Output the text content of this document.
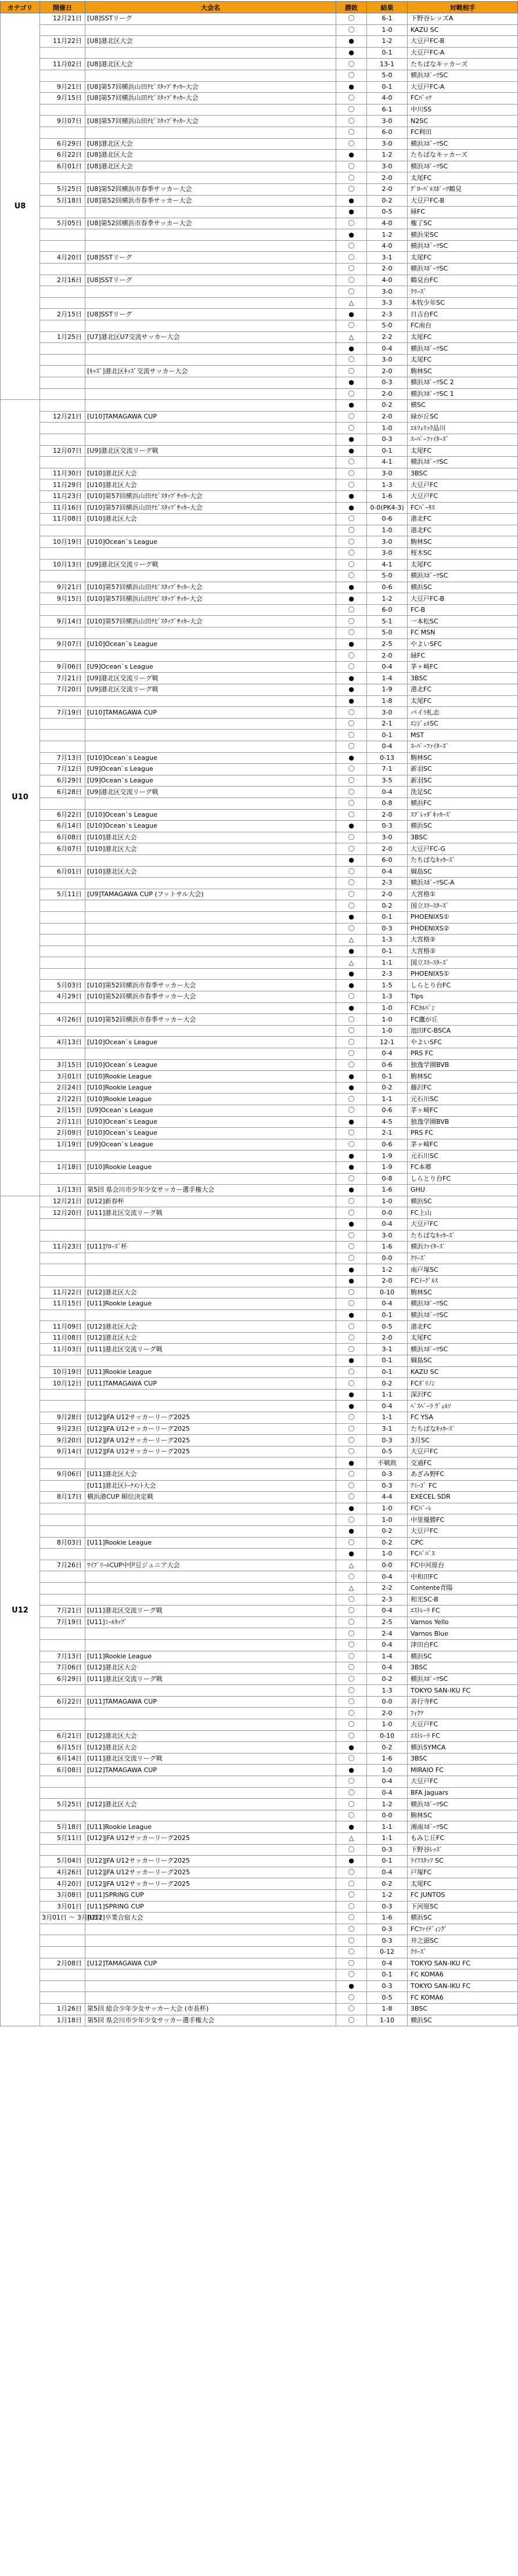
カテゴリ	開催日	大会名	勝敗	結果	対戦相手
U8	12月21日	[U8]SSTリーグ	〇	6-1	下野谷レッズA
			〇	1-0	KAZU SC
	11月22日	[U8]港北区大会	●	1-2	大豆戸FC-B
			●	0-1	大豆戸FC-A
	11月02日	[U8]港北区大会	〇	13-1	たちばなキッカーズ
			〇	5-0	横浜ｽﾎﾟｰﾂSC
	9月21日	[U8]第57回横浜山田ﾅﾋﾞｽﾀｯﾌﾞｻｯｶｰ大会	●	0-1	大豆戸FC-A
	9月15日	[U8]第57回横浜山田ﾅﾋﾞｽﾀｯﾌﾞｻｯｶｰ大会	〇	4-0	FCﾊﾞｯﾂ
			〇	6-1	中川SS
	9月07日	[U8]第57回横浜山田ﾅﾋﾞｽﾀｯﾌﾞｻｯｶｰ大会	〇	3-0	N2SC
			〇	6-0	FC利田
	6月29日	[U8]港北区大会	〇	3-0	横浜ｽﾎﾟｰﾂSC
	6月22日	[U8]港北区大会	●	1-2	たちばなキッカーズ
	6月01日	[U8]港北区大会	〇	3-0	横浜ｽﾎﾟｰﾂSC
			〇	2-0	太尾FC
	5月25日	[U8]第52回横浜市春季サッカー大会	〇	2-0	ｸﾞﾛｰﾊﾞﾙｽﾎﾟｰﾂ鶴見
	5月18日	[U8]第52回横浜市春季サッカー大会	●	0-2	大豆戸FC-B
			●	0-5	緑FC
	5月05日	[U8]第52回横浜市春季サッカー大会	〇	4-0	権了SC
			●	1-2	横浜栄SC
			〇	4-0	横浜ｽﾎﾟｰﾂSC
	4月20日	[U8]SSTリーグ	〇	3-1	太尾FC
			〇	2-0	横浜ｽﾎﾟｰﾂSC
	2月16日	[U8]SSTリーグ	〇	4-0	鶴見台FC
			〇	3-0	ｸﾘｰｽﾞ
			△	3-3	本牧少年SC
	2月15日	[U8]SSTリーグ	●	2-3	日吉台FC
			〇	5-0	FC南台
	1月25日	[U7]港北区U7交流サッカー大会	△	2-2	太尾FC
			●	0-4	横浜ｽﾎﾟｰﾂSC
			〇	3-0	太尾FC
		[ｷｯｽﾞ]港北区ｷｯｽﾞ交流サッカー大会	〇	2-0	駒林SC
			●	0-3	横浜ｽﾎﾟｰﾂSC 2
			〇	2-0	横浜ｽﾎﾟｰﾂSC 1
U10			●	0-2	横SC
	12月21日	[U10]TAMAGAWA CUP	〇	2-0	緑が丘SC
			〇	1-0	ｴﾙﾌｪﾘｯｸ品川
			●	0-3	ｽｰﾊﾟｰﾌｧｲﾀｰｽﾞ
	12月07日	[U9]港北区交流リーグ戦	●	0-1	太尾FC
			〇	4-1	横浜ｽﾎﾟｰﾂSC
	11月30日	[U10]港北区大会	〇	3-0	3BSC
	11月29日	[U10]港北区大会	〇	1-3	大豆戸FC
	11月23日	[U10]第57回横浜山田ﾅﾋﾞｽﾀｯﾌﾞｻｯｶｰ大会	●	1-6	大豆戸FC
	11月16日	[U10]第57回横浜山田ﾅﾋﾞｽﾀｯﾌﾞｻｯｶｰ大会	●	0-0(PK4-3)	FCﾊﾞｰﾀｽ
	11月08日	[U10]港北区大会	〇	0-6	港北FC
			〇	1-0	港北FC
	10月19日	[U10]Ocean`s League	〇	3-0	駒林SC
			〇	3-0	桜木SC
	10月13日	[U9]港北区交流リーグ戦	〇	4-1	太尾FC
			〇	5-0	横浜ｽﾎﾟｰﾂSC
	9月21日	[U10]第57回横浜山田ﾅﾋﾞｽﾀｯﾌﾞｻｯｶｰ大会	●	0-6	横浜SC
	9月15日	[U10]第57回横浜山田ﾅﾋﾞｽﾀｯﾌﾞｻｯｶｰ大会	●	1-2	大豆戸FC-B
			〇	6-0	FC-B
	9月14日	[U10]第57回横浜山田ﾅﾋﾞｽﾀｯﾌﾞｻｯｶｰ大会	〇	5-1	一本松SC
			〇	5-0	FC MSN
	9月07日	[U10]Ocean`s League	●	2-5	やよいSFC
			〇	2-0	緑FC
	9月06日	[U9]Ocean`s League	〇	0-4	茅ヶ崎FC
	7月21日	[U9]港北区交流リーグ戦	●	1-4	3BSC
	7月20日	[U9]港北区交流リーグ戦	●	1-9	港北FC
			●	1-8	太尾FC
	7月19日	[U10]TAMAGAWA CUP	〇	3-0	パイﾗ札志
			〇	2-1	ｴﾝｼﾞｪﾙSC
			〇	0-1	MST
			〇	0-4	ｽｰﾊﾟｰﾌｧｲﾀｰｽﾞ
	7月13日	[U10]Ocean`s League	●	0-13	駒林SC
	7月12日	[U9]Ocean`s League	〇	7-1	新羽SC
	6月29日	[U9]Ocean`s League	〇	3-5	新羽SC
	6月28日	[U9]港北区交流リーグ戦	〇	0-4	洗足SC
			〇	0-8	横浜FC
	6月22日	[U10]Ocean`s League	〇	2-0	ｽﾌﾟﾚｯﾀﾞｷｯｶｰｽﾞ
	6月14日	[U10]Ocean`s League	●	0-3	横浜SC
	6月08日	[U10]港北区大会	〇	3-0	3BSC
	6月07日	[U10]港北区大会	〇	2-0	大豆戸FC-G
			●	6-0	たちばなｷｯｶｰｽﾞ
	6月01日	[U10]港北区大会	〇	0-4	綱島SC
			〇	2-3	横浜ｽﾎﾟｰﾂSC-A
	5月11日	[U9]TAMAGAWA CUP (フットサル大会)	〇	2-0	大宮格①
			〇	0-2	国立ｽﾘｰｽﾀｰｽﾞ
			●	0-1	PHOENIXS①
			〇	0-3	PHOENIXS②
			△	1-3	大宮格②
			●	0-1	大宮格②
			△	1-1	国立ｽﾘｰｽﾀｰｽﾞ
			●	2-3	PHOENIXS①
	5月03日	[U10]第52回横浜市春季サッカー大会	●	1-5	しらとり台FC
	4月29日	[U10]第52回横浜市春季サッカー大会	〇	1-3	Tips
			●	1-0	FCｶﾙﾊﾞﾝ
	4月26日	[U10]第52回横浜市春季サッカー大会	〇	1-0	FC鷹が丘
			〇	1-0	池田FC-BSCA
	4月13日	[U10]Ocean`s League	〇	12-1	やよいSFC
			〇	0-4	PRS FC
	3月15日	[U10]Ocean`s League	〇	0-6	独逸学園BVB
	3月01日	[U10]Rookie League	●	0-1	駒林SC
	2月24日	[U10]Rookie League	●	0-2	藤沢FC
	2月22日	[U10]Rookie League	〇	1-1	元石川SC
	2月15日	[U9]Ocean`s League	〇	0-6	茅ヶ崎FC
	2月11日	[U10]Ocean`s League	●	4-5	独逸学園BVB
	2月09日	[U10]Ocean`s League	〇	2-1	PRS FC
	1月19日	[U9]Ocean`s League	〇	0-6	茅ヶ崎FC
			●	1-9	元石川SC
	1月18日	[U10]Rookie League	●	1-9	FC本郷
			〇	0-8	しらとり台FC
	1月13日	第5回 県会川市少年少女サッカー選手権大会	●	1-6	GHU
U12	12月21日	[U12]新春杯	〇	1-0	横浜SC
	12月20日	[U11]港北区交流リーグ戦	〇	0-0	FC上山
			●	0-4	大豆戸FC
			〇	3-0	たちばなｷｯｶｰｽﾞ
	11月23日	[U11]ｱﾛｰｽﾞ杯	〇	1-6	横浜ﾌｧｲﾀｰｽﾞ
			〇	0-0	ｸﾘｰｽﾞ
			●	1-2	南戸塚SC
			●	2-0	FCｲｰｸﾞﾙｽ
	11月22日	[U12]港北区大会	〇	0-10	駒林SC
	11月15日	[U11]Rookie League	〇	0-4	横浜ｽﾎﾟｰﾂSC
			●	0-1	横浜ｽﾎﾟｰﾂSC
	11月09日	[U12]港北区大会	〇	0-5	港北FC
	11月08日	[U12]港北区大会	〇	2-0	太尾FC
	11月03日	[U11]港北区交流リーグ戦	〇	3-1	横浜ｽﾎﾟｰﾂSC
			●	0-1	綱島SC
	10月19日	[U11]Rookie League	〇	0-1	KAZU SC
	10月12日	[U11]TAMAGAWA CUP	〇	0-2	FCﾀﾞﾘﾉﾝ
			●	1-1	深沢FC
			●	0-4	ﾍﾞｽﾍﾟｰﾗ ｳﾞｪﾙｿ
	9月28日	[U12]JFA U12サッカーリーグ2025	〇	1-1	FC YSA
	9月23日	[U12]JFA U12サッカーリーグ2025	〇	3-1	たちばなｷｯｶｰｽﾞ
	9月20日	[U12]JFA U12サッカーリーグ2025	〇	0-3	3月SC
	9月14日	[U12]JFA U12サッカーリーグ2025	〇	0-5	大豆戸FC
			●	不戦敗	交通FC
	9月06日	[U11]港北区大会	〇	0-3	あざみ野FC
		[U11]港北区ﾄｰﾅﾒﾝﾄ大会	〇	0-3	ｱﾐｰｺﾞ FC
	8月17日	横浜港CUP 順位決定戦	〇	4-4	EXECEL SDR
			●	1-0	FCﾊﾞｰﾚ
			〇	1-0	中里優勝FC
			●	0-2	大豆戸FC
	8月03日	[U11]Rookie League	〇	0-2	CPC
			●	1-0	FCﾊﾟﾊﾟｽ
	7月26日	ﾜｲﾌﾟﾘｰﾙCUP中伊豆ジュニア大会	△	0-0	FC中河原台
			〇	0-4	中和田FC
			△	2-2	Contente青陽
			〇	2-3	和光SC-B
	7月21日	[U11]港北区交流リーグ戦	〇	0-4	ｴｽﾄﾚｰﾗ FC
	7月19日	[U11]ﾐｰﾙｶｯﾌﾟ	〇	2-5	Varnos Yello
			〇	2-4	Varnos Blue
			〇	0-4	津田台FC
	7月13日	[U11]Rookie League	〇	1-4	横浜SC
	7月06日	[U12]港北区大会	〇	0-4	3BSC
	6月29日	[U11]港北区交流リーグ戦	〇	0-2	横浜ｽﾎﾟｰﾂSC
			〇	1-3	TOKYO SAN-IKU FC
	6月22日	[U11]TAMAGAWA CUP	〇	0-0	善行寺FC
			〇	2-0	ﾌｨｸﾂ
			〇	1-0	大豆戸FC
	6月21日	[U12]港北区大会	〇	0-10	ｴｽﾄﾚｰﾗ FC
	6月15日	[U12]港北区大会	●	0-2	横浜SYMCA
	6月14日	[U11]港北区交流リーグ戦	〇	1-6	3BSC
	6月08日	[U12]TAMAGAWA CUP	●	1-0	MIRAIO FC
			〇	0-4	大豆戸FC
			〇	0-4	BFA Jaguars
	5月25日	[U12]港北区大会	〇	1-2	横浜ｽﾎﾟｰﾂSC
			〇	0-0	駒林SC
	5月18日	[U11]Rookie League	●	1-1	湘南ｽﾎﾟｰﾂSC
	5月11日	[U12]JFA U12サッカーリーグ2025	△	1-1	もみじ丘FC
			〇	0-3	下野谷ﾚｯｽﾞ
	5月04日	[U12]JFA U12サッカーリーグ2025	●	0-1	ﾗｲﾌｽﾀｯﾌ SC
	4月26日	[U12]JFA U12サッカーリーグ2025	〇	0-4	戸塚FC
	4月20日	[U12]JFA U12サッカーリーグ2025	〇	0-2	太尾FC
	3月08日	[U11]SPRING CUP	〇	1-2	FC JUNTOS
	3月01日	[U11]SPRING CUP	〇	0-3	下河原SC
	3月01日 ～ 3月02日	[U12]卒業合宿大会	〇	1-6	横浜SC
			〇	0-3	FCﾌｧｲﾃﾞｨﾝｸﾞ
			〇	0-3	井之頭SC
			〇	0-12	ｸﾘｰｽﾞ
	2月08日	[U12]TAMAGAWA CUP	〇	0-4	TOKYO SAN-IKU FC
			〇	0-1	FC KOMA6
			●	0-3	TOKYO SAN-IKU FC
			〇	0-5	FC KOMA6
	1月26日	第5回 総合少年少女サッカー大会 (市長杯)	〇	1-8	3BSC
	1月18日	第5回 県会川市少年少女サッカー選手権大会	〇	1-10	横浜SC
